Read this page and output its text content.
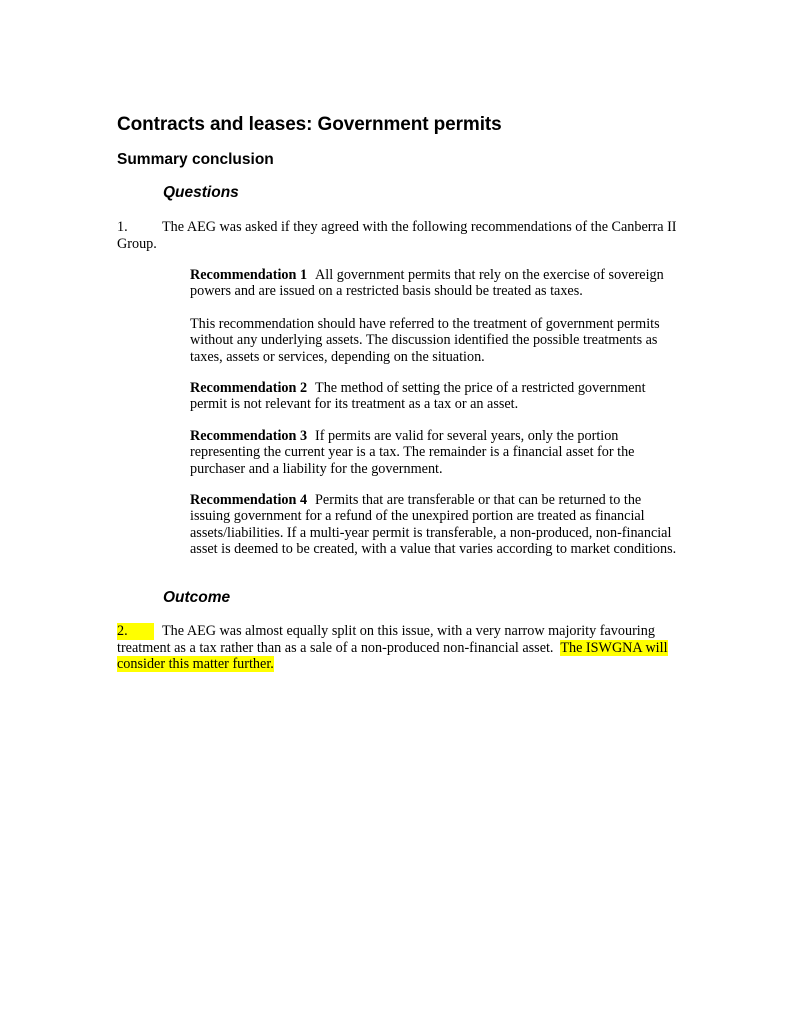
Contracts and leases: Government permits
Summary conclusion
Questions

1. The AEG was asked if they agreed with the following recommendations of the Canberra II Group.

Recommendation 1 All government permits that rely on the exercise of sovereign powers and are issued on a restricted basis should be treated as taxes.

This recommendation should have referred to the treatment of government permits without any underlying assets. The discussion identified the possible treatments as taxes, assets or services, depending on the situation.

Recommendation 2 The method of setting the price of a restricted government permit is not relevant for its treatment as a tax or an asset.

Recommendation 3 If permits are valid for several years, only the portion representing the current year is a tax. The remainder is a financial asset for the purchaser and a liability for the government.

Recommendation 4 Permits that are transferable or that can be returned to the issuing government for a refund of the unexpired portion are treated as financial assets/liabilities. If a multi-year permit is transferable, a non-produced, non-financial asset is deemed to be created, with a value that varies according to market conditions.

Outcome

2. The AEG was almost equally split on this issue, with a very narrow majority favouring treatment as a tax rather than as a sale of a non-produced non-financial asset. The ISWGNA will consider this matter further.
